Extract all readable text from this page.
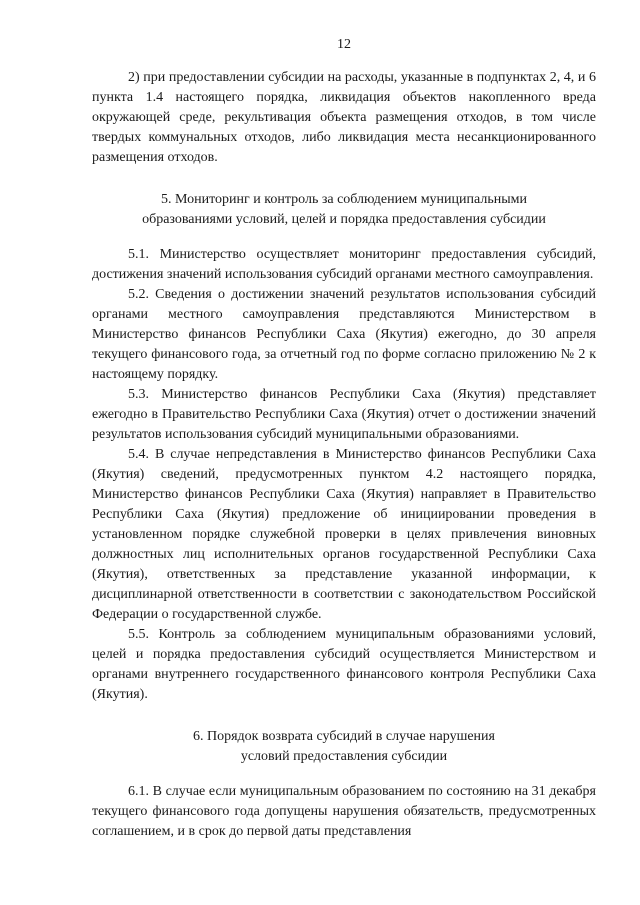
12

2) при предоставлении субсидии на расходы, указанные в подпунктах 2, 4, и 6 пункта 1.4 настоящего порядка, ликвидация объектов накопленного вреда окружающей среде, рекультивация объекта размещения отходов, в том числе твердых коммунальных отходов, либо ликвидация места несанкционированного размещения отходов.

5. Мониторинг и контроль за соблюдением муниципальными

образованиями условий, целей и порядка предоставления субсидии

5.1. Министерство осуществляет мониторинг предоставления субсидий, достижения значений использования субсидий органами местного самоуправления.

5.2. Сведения о достижении значений результатов использования субсидий органами местного самоуправления представляются Министерством в Министерство финансов Республики Саха (Якутия) ежегодно, до 30 апреля текущего финансового года, за отчетный год по форме согласно приложению № 2 к настоящему порядку.

5.3. Министерство финансов Республики Саха (Якутия) представляет ежегодно в Правительство Республики Саха (Якутия) отчет о достижении значений результатов использования субсидий муниципальными образованиями.

5.4. В случае непредставления в Министерство финансов Республики Саха (Якутия) сведений, предусмотренных пунктом 4.2 настоящего порядка, Министерство финансов Республики Саха (Якутия) направляет в Правительство Республики Саха (Якутия) предложение об инициировании проведения в установленном порядке служебной проверки в целях привлечения виновных должностных лиц исполнительных органов государственной Республики Саха (Якутия), ответственных за представление указанной информации, к дисциплинарной ответственности в соответствии с законодательством Российской Федерации о государственной службе.

5.5. Контроль за соблюдением муниципальным образованиями условий, целей и порядка предоставления субсидий осуществляется Министерством и органами внутреннего государственного финансового контроля Республики Саха (Якутия).

6. Порядок возврата субсидий в случае нарушения

условий предоставления субсидии

6.1. В случае если муниципальным образованием по состоянию на 31 декабря текущего финансового года допущены нарушения обязательств, предусмотренных соглашением, и в срок до первой даты представления
